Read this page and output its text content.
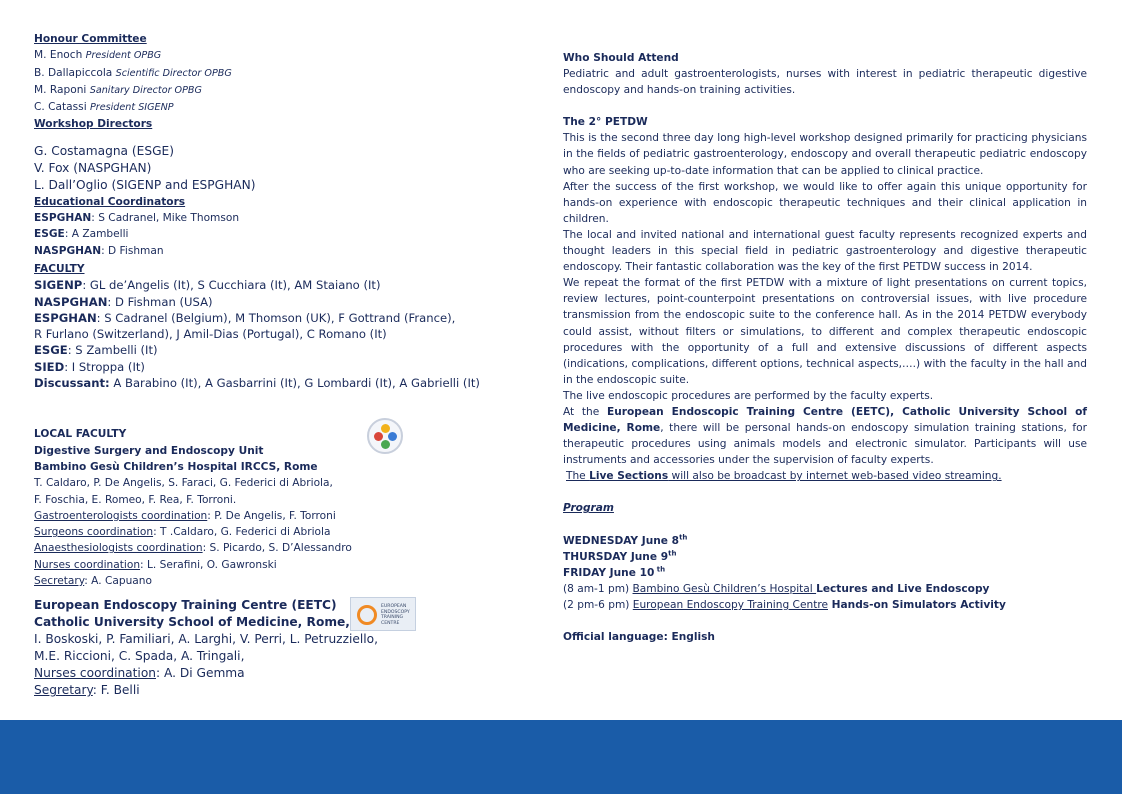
Honour Committee
M. Enoch President OPBG
B. Dallapiccola Scientific Director OPBG
M. Raponi Sanitary Director OPBG
C. Catassi President SIGENP
Workshop Directors
G. Costamagna (ESGE)
V. Fox (NASPGHAN)
L. Dall’Oglio (SIGENP and ESPGHAN)
Educational Coordinators
ESPGHAN: S Cadranel, Mike Thomson
ESGE: A Zambelli
NASPGHAN: D Fishman
FACULTY
SIGENP: GL de’Angelis (It), S Cucchiara (It), AM Staiano (It)
NASPGHAN: D Fishman (USA)
ESPGHAN: S Cadranel (Belgium), M Thomson (UK), F Gottrand (France),
R Furlano (Switzerland), J Amil-Dias (Portugal), C Romano (It)
ESGE: S Zambelli (It)
SIED: I Stroppa (It)
Discussant: A Barabino (It), A Gasbarrini (It), G Lombardi (It), A Gabrielli (It)
LOCAL FACULTY
Digestive Surgery and Endoscopy Unit
Bambino Gesù Children’s Hospital IRCCS, Rome
T. Caldaro, P. De Angelis, S. Faraci, G. Federici di Abriola,
F. Foschia, E. Romeo, F. Rea, F. Torroni.
Gastroenterologists coordination: P. De Angelis, F. Torroni
Surgeons coordination: T .Caldaro, G. Federici di Abriola
Anaesthesiologists coordination: S. Picardo, S. D’Alessandro
Nurses coordination: L. Serafini, O. Gawronski
Secretary: A. Capuano
European Endoscopy Training Centre (EETC)
Catholic University School of Medicine, Rome,
I. Boskoski, P. Familiari, A. Larghi, V. Perri, L. Petruzziello,
M.E. Riccioni, C. Spada, A. Tringali,
Nurses coordination: A. Di Gemma
Segretary: F. Belli
EUROPEAN ENDOSCOPY TRAINING CENTRE
Who Should Attend

Pediatric and adult gastroenterologists, nurses with interest in pediatric therapeutic digestive endoscopy and hands-on training activities.

The 2° PETDW

This is the second three day long high-level workshop designed primarily for practicing physicians in the fields of pediatric gastroenterology, endoscopy and overall therapeutic pediatric endoscopy who are seeking up-to-date information that can be applied to clinical practice.

After the success of the first workshop, we would like to offer again this unique opportunity for hands-on experience with endoscopic therapeutic techniques and their clinical application in children.

The local and invited national and international guest faculty represents recognized experts and thought leaders in this special field in pediatric gastroenterology and digestive therapeutic endoscopy. Their fantastic collaboration was the key of the first PETDW success in 2014.

We repeat the format of the first PETDW with a mixture of light presentations on current topics, review lectures, point-counterpoint presentations on controversial issues, with live procedure transmission from the endoscopic suite to the conference hall. As in the 2014 PETDW everybody could assist, without filters or simulations, to different and complex therapeutic endoscopic procedures with the opportunity of a full and extensive discussions of different aspects (indications, complications, different options, technical aspects,….) with the faculty in the hall and in the endoscopic suite.

The live endoscopic procedures are performed by the faculty experts.

At the European Endoscopic Training Centre (EETC), Catholic University School of Medicine, Rome, there will be personal hands-on endoscopy simulation training stations, for therapeutic procedures using animals models and electronic simulator. Participants will use instruments and accessories under the supervision of faculty experts.

The Live Sections will also be broadcast by internet web-based video streaming.

Program
WEDNESDAY June 8th
THURSDAY June 9th
FRIDAY June 10 $^{th}$
(8 am-1 pm) Bambino Gesù Children’s Hospital Lectures and Live Endoscopy
(2 pm-6 pm) European Endoscopy Training Centre Hands-on Simulators Activity
Official language: English
